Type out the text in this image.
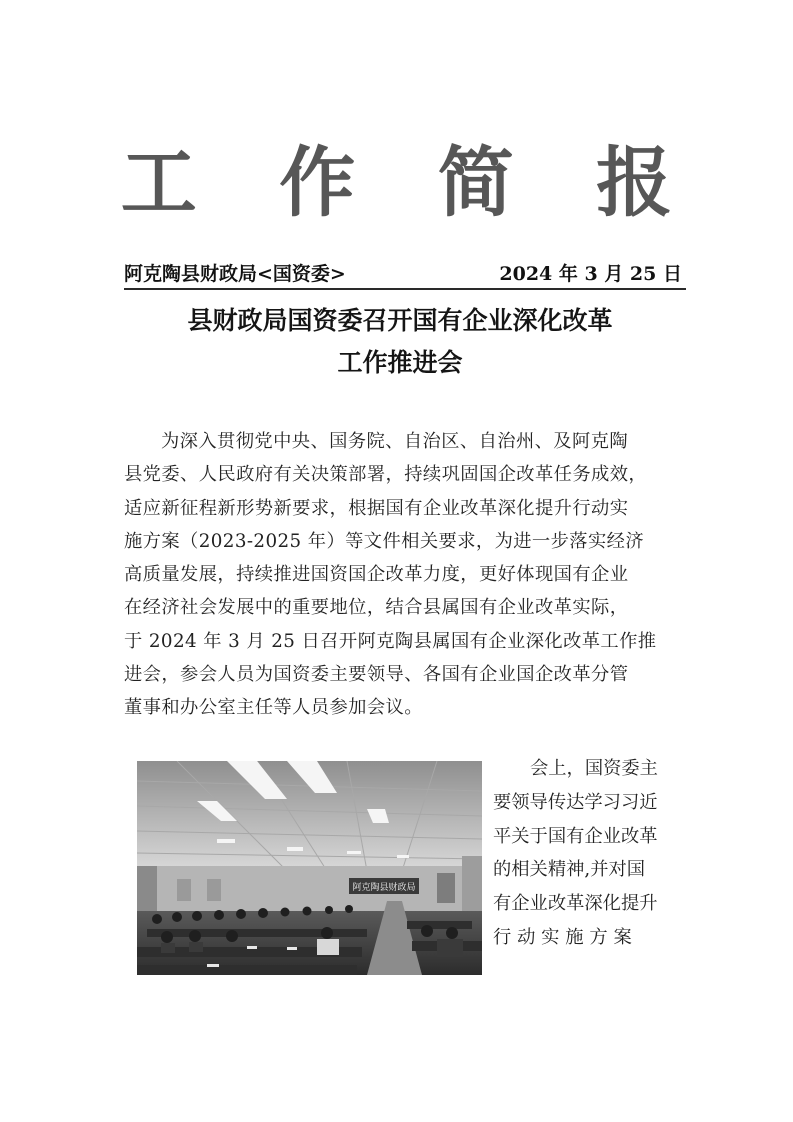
工 作 简 报
阿克陶县财政局<国资委>	2024 年 3 月 25 日
县财政局国资委召开国有企业深化改革
工作推进会
为深入贯彻党中央、国务院、自治区、自治州、及阿克陶
县党委、人民政府有关决策部署，持续巩固国企改革任务成效，
适应新征程新形势新要求，根据国有企业改革深化提升行动实
施方案（2023-2025 年）等文件相关要求，为进一步落实经济
高质量发展，持续推进国资国企改革力度，更好体现国有企业
在经济社会发展中的重要地位，结合县属国有企业改革实际，
于 2024 年 3 月 25 日召开阿克陶县属国有企业深化改革工作推
进会，参会人员为国资委主要领导、各国有企业国企改革分管
董事和办公室主任等人员参加会议。
阿克陶县财政局
会上，国资委主
要领导传达学习习近
平关于国有企业改革
的相关精神,并对国
有企业改革深化提升
行 动 实 施 方 案
